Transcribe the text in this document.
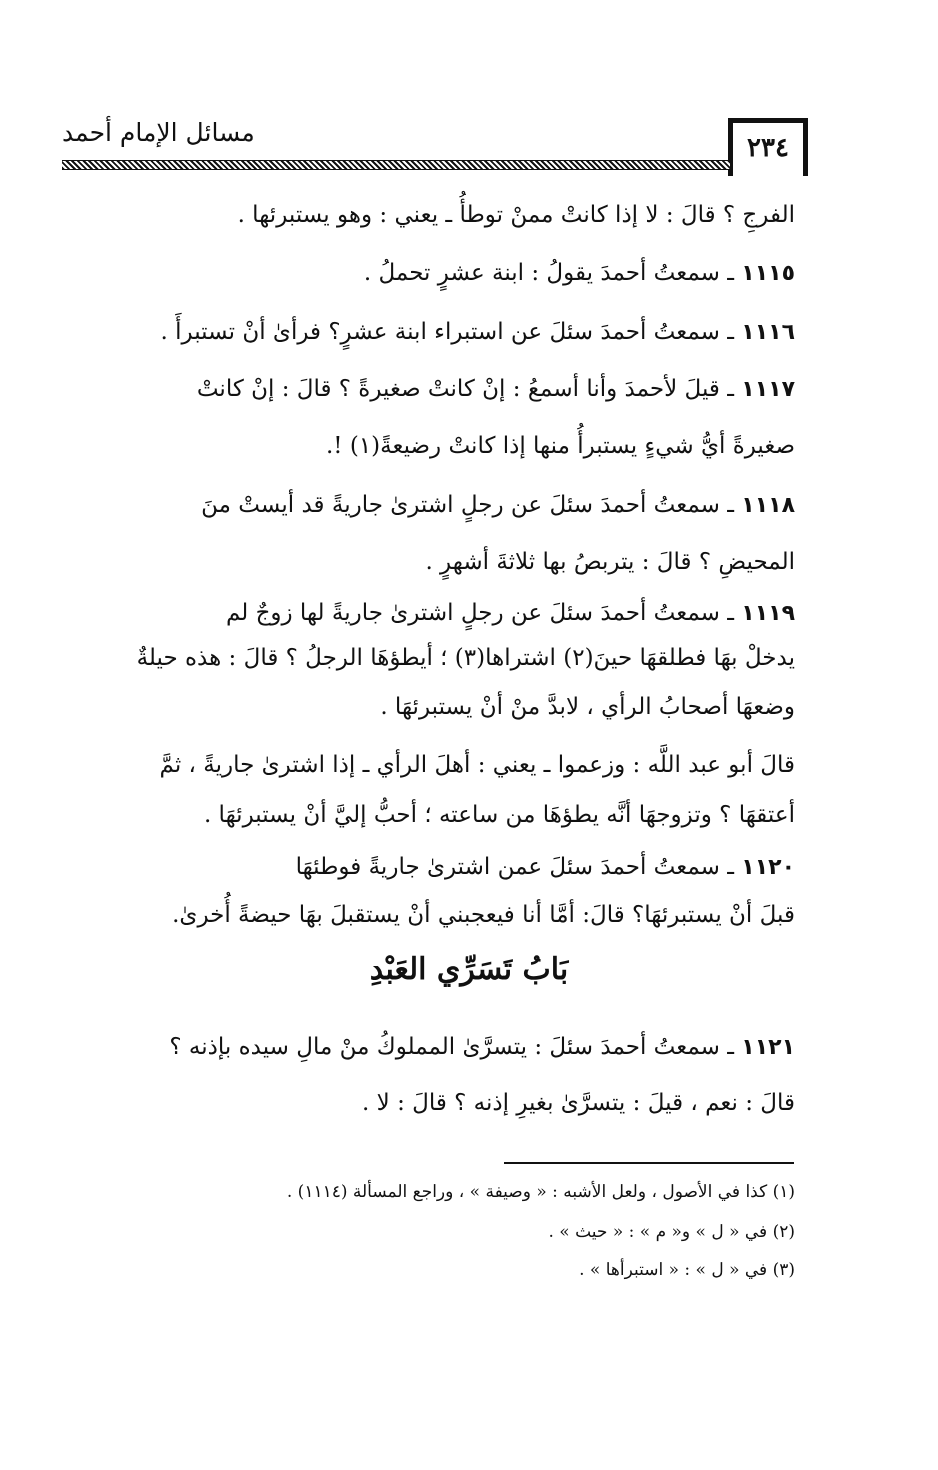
مسائل الإمام أحمد
٢٣٤
الفرجِ ؟ قالَ : لا إذا كانتْ ممنْ توطأُ ـ يعني : وهو يستبرئها .
١١١٥ ـ سمعتُ أحمدَ يقولُ : ابنة عشرٍ تحملُ .
١١١٦ ـ سمعتُ أحمدَ سئلَ عن استبراء ابنة عشرٍ؟ فرأىٰ أنْ تستبرأَ .
١١١٧ ـ قيلَ لأحمدَ وأنا أسمعُ : إنْ كانتْ صغيرةً ؟ قالَ : إنْ كانتْ
صغيرةً أيُّ شيءٍ يستبرأُ منها إذا كانتْ رضيعةً(١) !.
١١١٨ ـ سمعتُ أحمدَ سئلَ عن رجلٍ اشترىٰ جاريةً قد أيستْ منَ
المحيضِ ؟ قالَ : يتربصُ بها ثلاثةَ أشهرٍ .
١١١٩ ـ سمعتُ أحمدَ سئلَ عن رجلٍ اشترىٰ جاريةً لها زوجٌ لم
يدخلْ بهَا فطلقهَا حينَ(٢) اشتراها(٣) ؛ أيطؤهَا الرجلُ ؟ قالَ : هذه حيلةٌ
وضعهَا أصحابُ الرأي ، لابدَّ منْ أنْ يستبرئهَا .
قالَ أبو عبد اللَّه : وزعموا ـ يعني : أهلَ الرأي ـ إذا اشترىٰ جاريةً ، ثمَّ
أعتقهَا ؟ وتزوجهَا أنَّه يطؤهَا من ساعته ؛ أحبُّ إليَّ أنْ يستبرئهَا .
١١٢٠ ـ سمعتُ أحمدَ سئلَ عمن اشترىٰ جاريةً فوطئهَا
قبلَ أنْ يستبرئهَا؟ قالَ: أمَّا أنا فيعجبني أنْ يستقبلَ بهَا حيضةً أُخرىٰ.
بَابُ تَسَرِّي العَبْدِ
١١٢١ ـ سمعتُ أحمدَ سئلَ : يتسرَّىٰ المملوكُ منْ مالِ سيده بإذنه ؟
قالَ : نعم ، قيلَ : يتسرَّىٰ بغيرِ إذنه ؟ قالَ : لا .
(١) كذا في الأصول ، ولعل الأشبه : « وصيفة » ، وراجع المسألة (١١١٤) .
(٢) في « ل » و« م » : « حيث » .
(٣) في « ل » : « استبرأها » .
